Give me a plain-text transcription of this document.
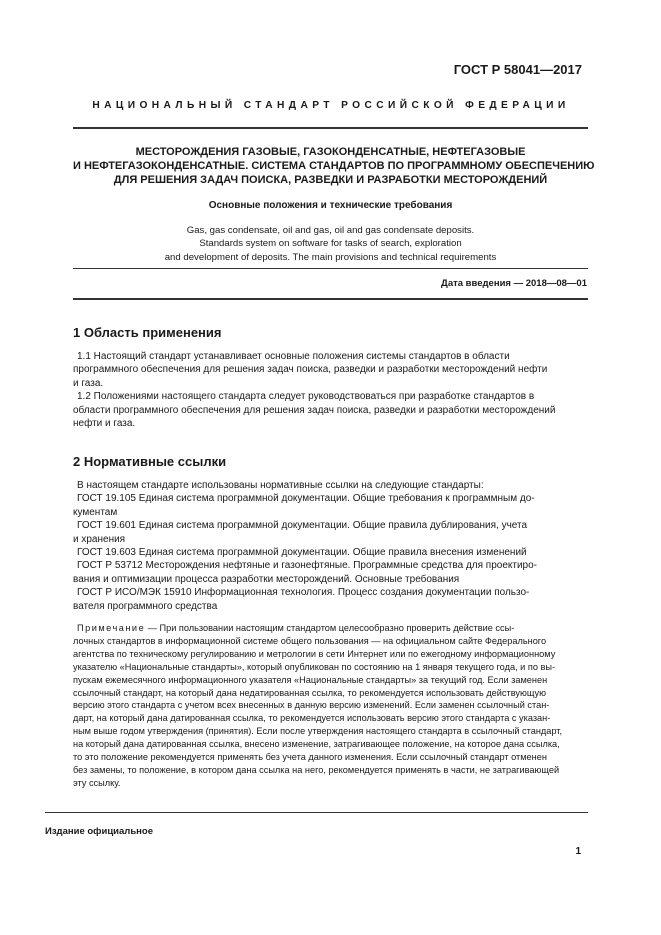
ГОСТ Р 58041—2017
НАЦИОНАЛЬНЫЙ СТАНДАРТ РОССИЙСКОЙ ФЕДЕРАЦИИ
МЕСТОРОЖДЕНИЯ ГАЗОВЫЕ, ГАЗОКОНДЕНСАТНЫЕ, НЕФТЕГАЗОВЫЕ
И НЕФТЕГАЗОКОНДЕНСАТНЫЕ. СИСТЕМА СТАНДАРТОВ ПО ПРОГРАММНОМУ ОБЕСПЕЧЕНИЮ
ДЛЯ РЕШЕНИЯ ЗАДАЧ ПОИСКА, РАЗВЕДКИ И РАЗРАБОТКИ МЕСТОРОЖДЕНИЙ
Основные положения и технические требования
Gas, gas condensate, oil and gas, oil and gas condensate deposits.
Standards system on software for tasks of search, exploration
and development of deposits. The main provisions and technical requirements
Дата введения — 2018—08—01
1 Область применения

1.1 Настоящий стандарт устанавливает основные положения системы стандартов в области
программного обеспечения для решения задач поиска, разведки и разработки месторождений нефти
и газа.

1.2 Положениями настоящего стандарта следует руководствоваться при разработке стандартов в
области программного обеспечения для решения задач поиска, разведки и разработки месторождений
нефти и газа.

2 Нормативные ссылки

В настоящем стандарте использованы нормативные ссылки на следующие стандарты:

ГОСТ 19.105 Единая система программной документации. Общие требования к программным до-
кументам

ГОСТ 19.601 Единая система программной документации. Общие правила дублирования, учета
и хранения

ГОСТ 19.603 Единая система программной документации. Общие правила внесения изменений

ГОСТ Р 53712 Месторождения нефтяные и газонефтяные. Программные средства для проектиро-
вания и оптимизации процесса разработки месторождений. Основные требования

ГОСТ Р ИСО/МЭК 15910 Информационная технология. Процесс создания документации пользо-
вателя программного средства

Примечание — При пользовании настоящим стандартом целесообразно проверить действие ссы-
лочных стандартов в информационной системе общего пользования — на официальном сайте Федерального
агентства по техническому регулированию и метрологии в сети Интернет или по ежегодному информационному
указателю «Национальные стандарты», который опубликован по состоянию на 1 января текущего года, и по вы-
пускам ежемесячного информационного указателя «Национальные стандарты» за текущий год. Если заменен
ссылочный стандарт, на который дана недатированная ссылка, то рекомендуется использовать действующую
версию этого стандарта с учетом всех внесенных в данную версию изменений. Если заменен ссылочный стан-
дарт, на который дана датированная ссылка, то рекомендуется использовать версию этого стандарта с указан-
ным выше годом утверждения (принятия). Если после утверждения настоящего стандарта в ссылочный стандарт,
на который дана датированная ссылка, внесено изменение, затрагивающее положение, на которое дана ссылка,
то это положение рекомендуется применять без учета данного изменения. Если ссылочный стандарт отменен
без замены, то положение, в котором дана ссылка на него, рекомендуется применять в части, не затрагивающей
эту ссылку.
Издание официальное
1
